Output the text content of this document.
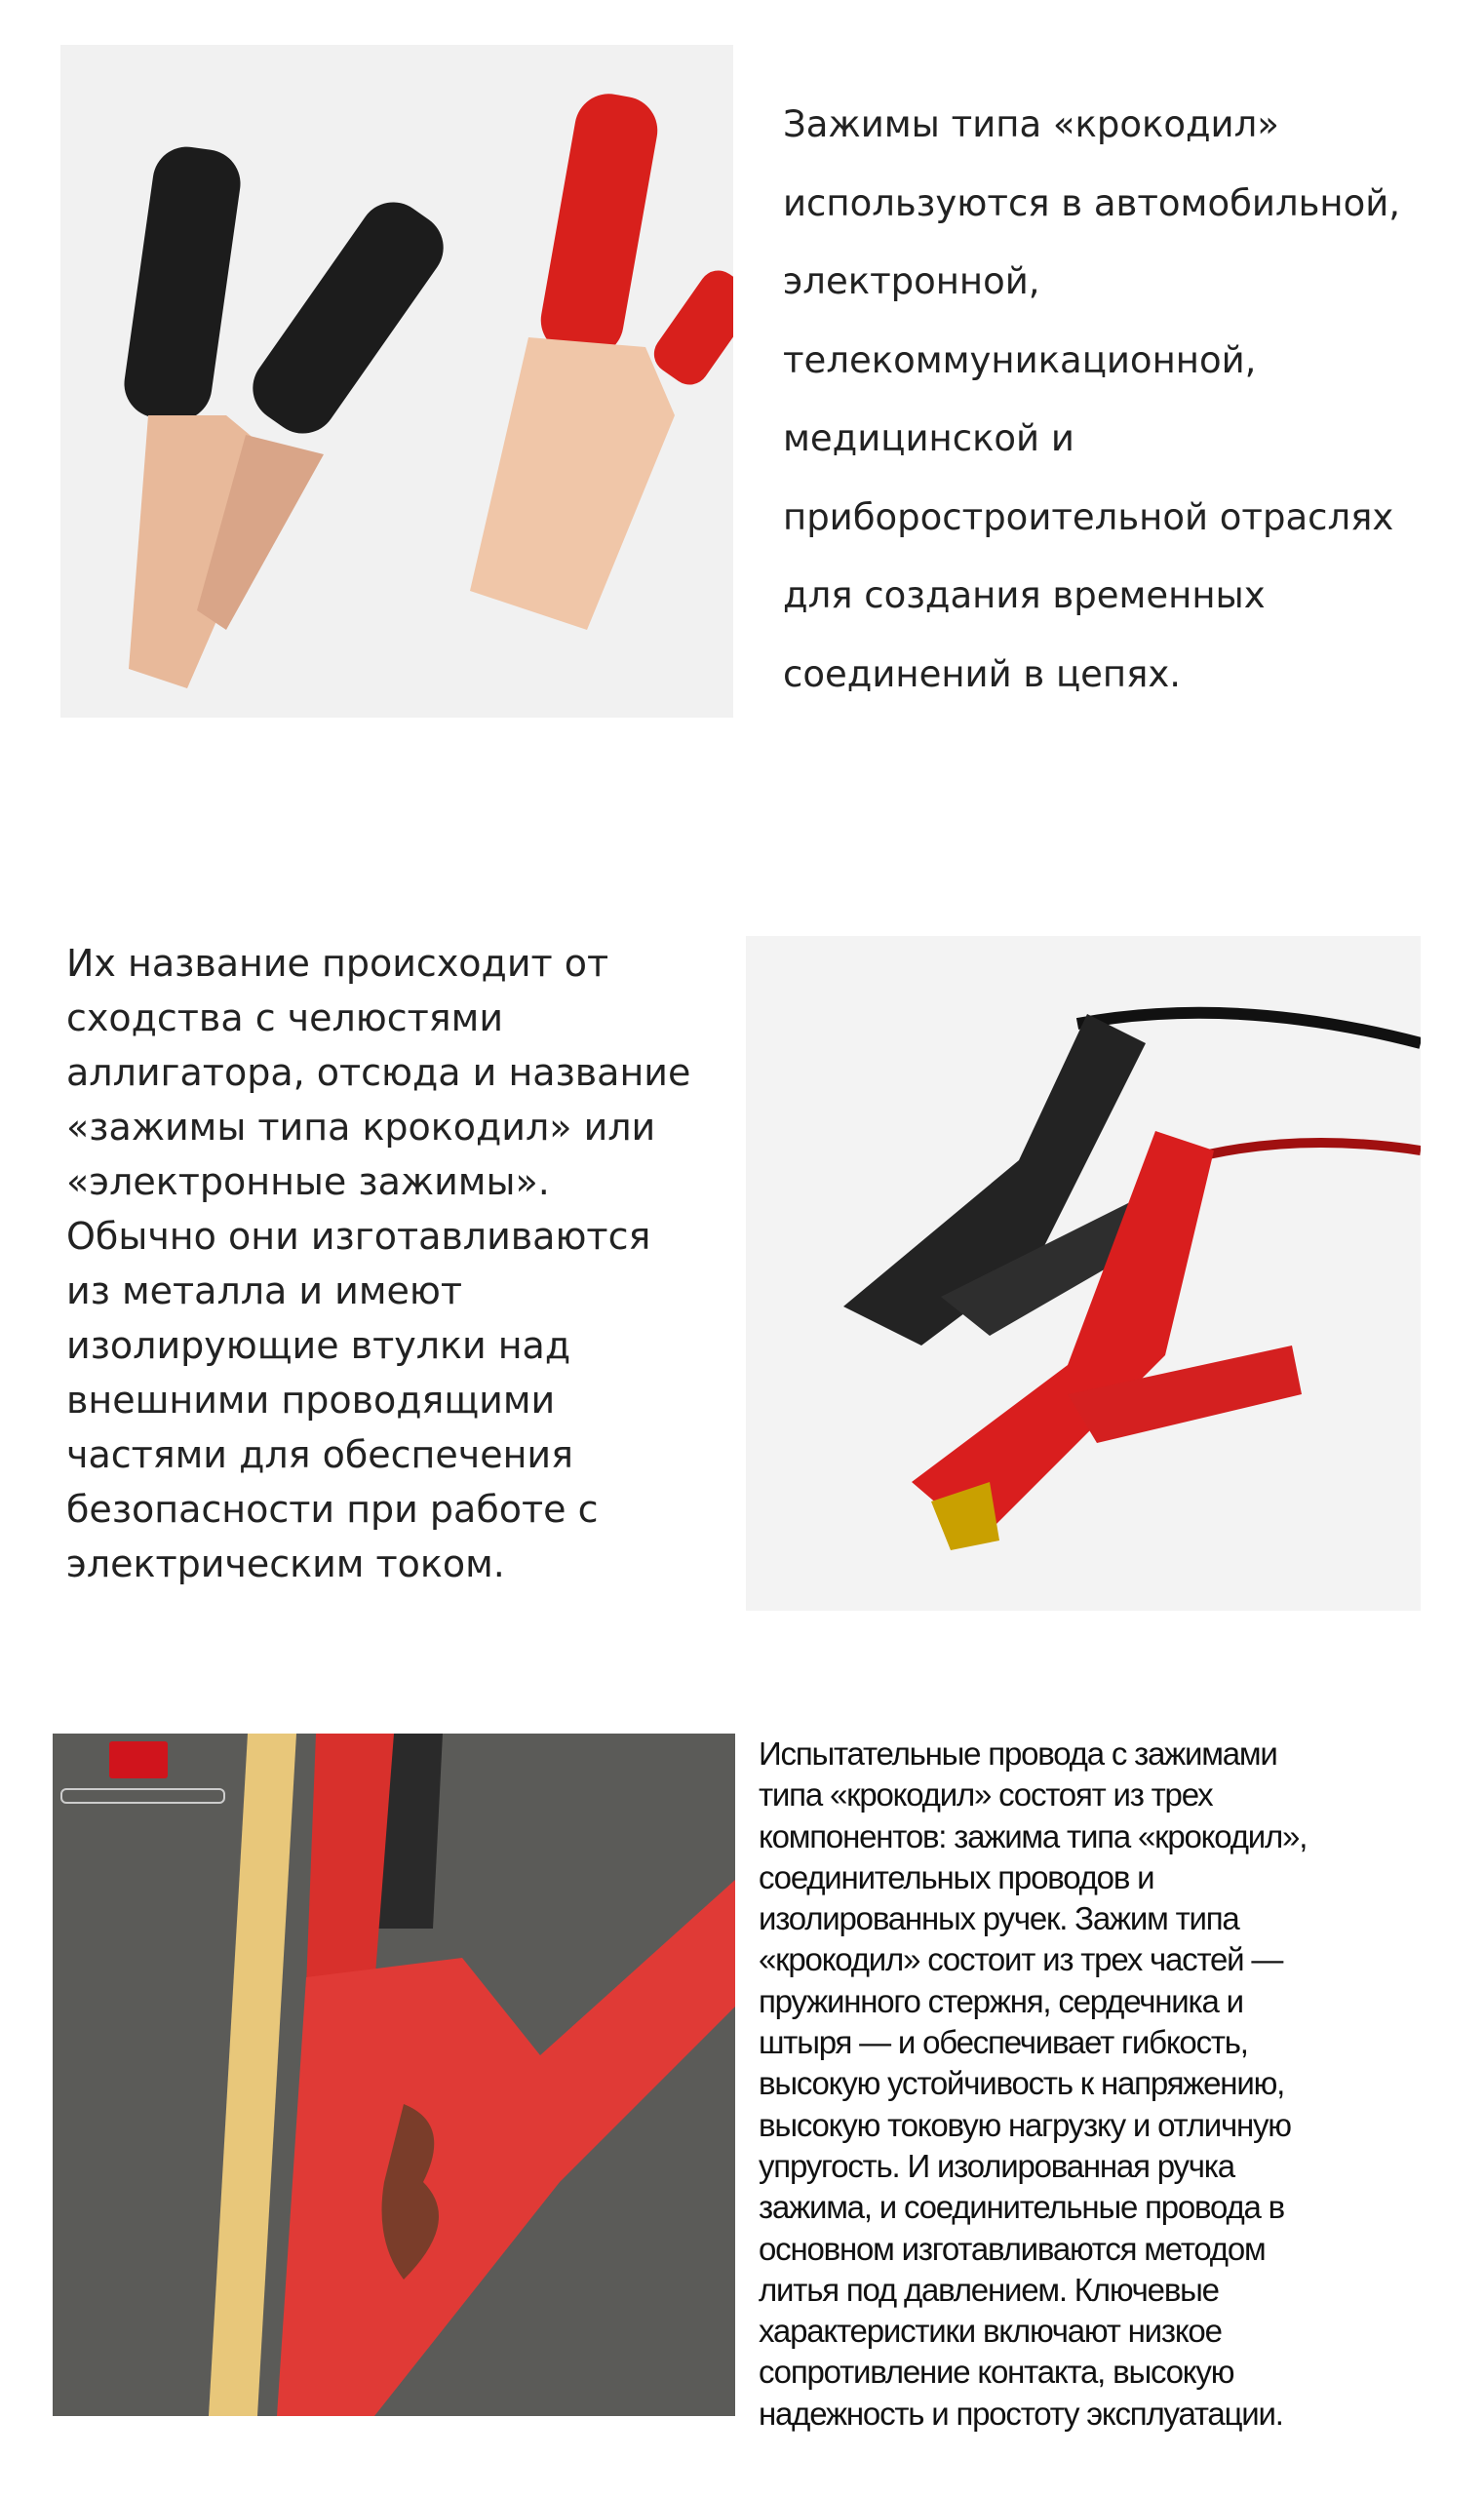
Зажимы типа «крокодил»
используются в автомобильной,
электронной,
телекоммуникационной,
медицинской и
приборостроительной отраслях
для создания временных
соединений в цепях.
Их название происходит от
сходства с челюстями
аллигатора, отсюда и название
«зажимы типа крокодил» или
«электронные зажимы».
Обычно они изготавливаются
из металла и имеют
изолирующие втулки над
внешними проводящими
частями для обеспечения
безопасности при работе с
электрическим током.
Испытательные провода с зажимами
типа «крокодил» состоят из трех
компонентов: зажима типа «крокодил»,
соединительных проводов и
изолированных ручек. Зажим типа
«крокодил» состоит из трех частей —
пружинного стержня, сердечника и
штыря — и обеспечивает гибкость,
высокую устойчивость к напряжению,
высокую токовую нагрузку и отличную
упругость. И изолированная ручка
зажима, и соединительные провода в
основном изготавливаются методом
литья под давлением. Ключевые
характеристики включают низкое
сопротивление контакта, высокую
надежность и простоту эксплуатации.
